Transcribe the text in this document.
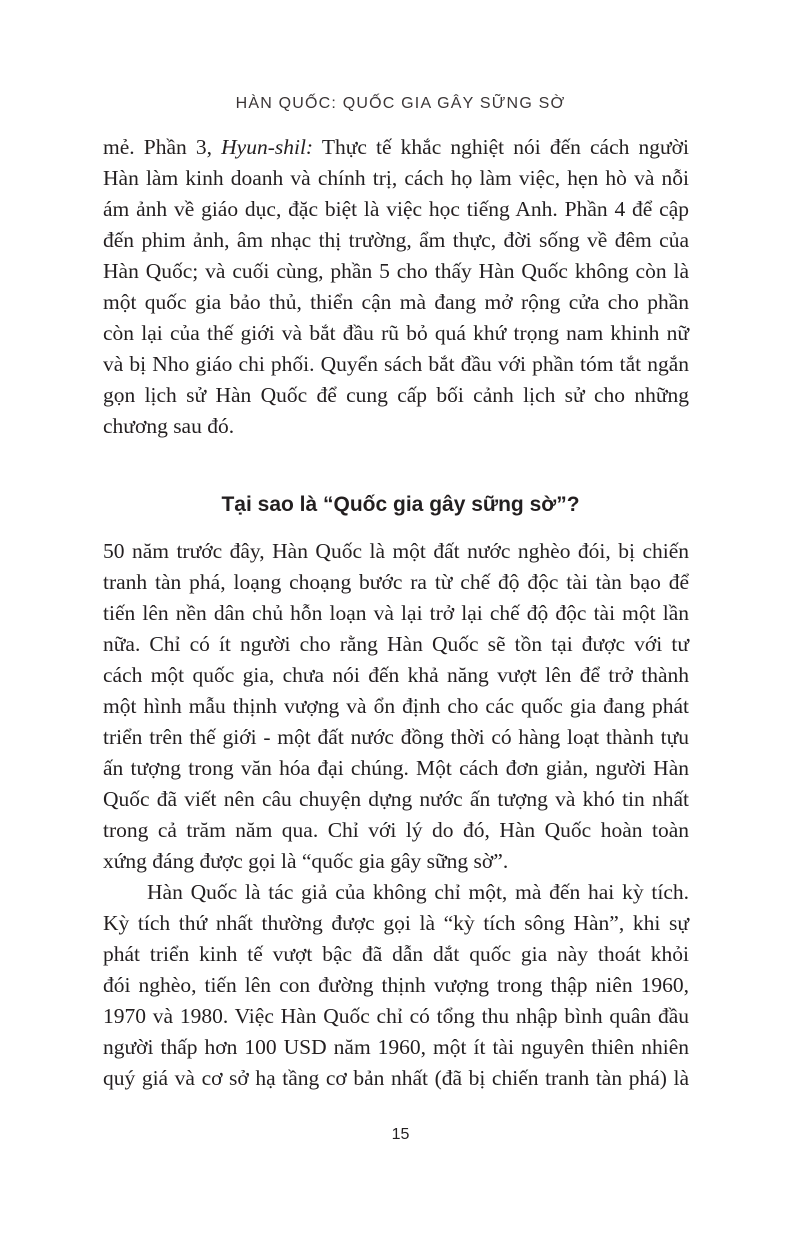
HÀN QUỐC: QUỐC GIA GÂY SỮNG SỜ
mẻ. Phần 3, Hyun-shil: Thực tế khắc nghiệt nói đến cách người
Hàn làm kinh doanh và chính trị, cách họ làm việc, hẹn hò và nỗi
ám ảnh về giáo dục, đặc biệt là việc học tiếng Anh. Phần 4 để cập
đến phim ảnh, âm nhạc thị trường, ẩm thực, đời sống về đêm của
Hàn Quốc; và cuối cùng, phần 5 cho thấy Hàn Quốc không còn là
một quốc gia bảo thủ, thiển cận mà đang mở rộng cửa cho phần
còn lại của thế giới và bắt đầu rũ bỏ quá khứ trọng nam khinh nữ
và bị Nho giáo chi phối. Quyển sách bắt đầu với phần tóm tắt ngắn
gọn lịch sử Hàn Quốc để cung cấp bối cảnh lịch sử cho những
chương sau đó.
Tại sao là “Quốc gia gây sững sờ”?
50 năm trước đây, Hàn Quốc là một đất nước nghèo đói, bị chiến
tranh tàn phá, loạng choạng bước ra từ chế độ độc tài tàn bạo để
tiến lên nền dân chủ hỗn loạn và lại trở lại chế độ độc tài một lần
nữa. Chỉ có ít người cho rằng Hàn Quốc sẽ tồn tại được với tư
cách một quốc gia, chưa nói đến khả năng vượt lên để trở thành
một hình mẫu thịnh vượng và ổn định cho các quốc gia đang phát
triển trên thế giới - một đất nước đồng thời có hàng loạt thành tựu
ấn tượng trong văn hóa đại chúng. Một cách đơn giản, người Hàn
Quốc đã viết nên câu chuyện dựng nước ấn tượng và khó tin nhất
trong cả trăm năm qua. Chỉ với lý do đó, Hàn Quốc hoàn toàn
xứng đáng được gọi là “quốc gia gây sững sờ”.
Hàn Quốc là tác giả của không chỉ một, mà đến hai kỳ tích.
Kỳ tích thứ nhất thường được gọi là “kỳ tích sông Hàn”, khi sự
phát triển kinh tế vượt bậc đã dẫn dắt quốc gia này thoát khỏi
đói nghèo, tiến lên con đường thịnh vượng trong thập niên 1960,
1970 và 1980. Việc Hàn Quốc chỉ có tổng thu nhập bình quân đầu
người thấp hơn 100 USD năm 1960, một ít tài nguyên thiên nhiên
quý giá và cơ sở hạ tầng cơ bản nhất (đã bị chiến tranh tàn phá) là
15
